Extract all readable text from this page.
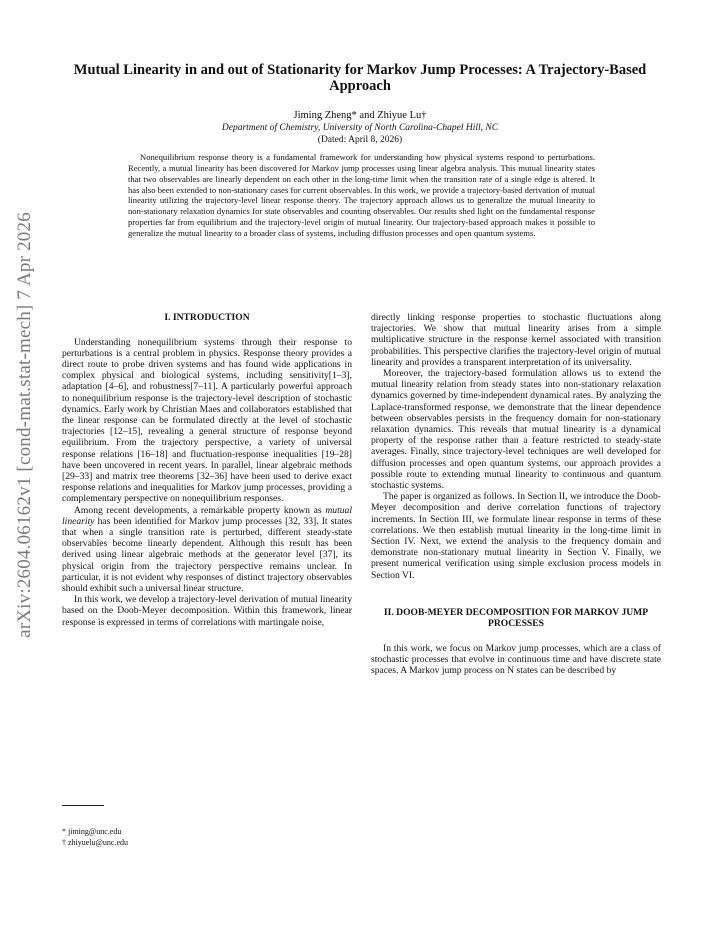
arXiv:2604.06162v1 [cond-mat.stat-mech] 7 Apr 2026
Mutual Linearity in and out of Stationarity for Markov Jump Processes: A Trajectory-Based Approach
Jiming Zheng* and Zhiyue Lu†
Department of Chemistry, University of North Carolina-Chapel Hill, NC
(Dated: April 8, 2026)
Nonequilibrium response theory is a fundamental framework for understanding how physical systems respond to perturbations. Recently, a mutual linearity has been discovered for Markov jump processes using linear algebra analysis. This mutual linearity states that two observables are linearly dependent on each other in the long-time limit when the transition rate of a single edge is altered. It has also been extended to non-stationary cases for current observables. In this work, we provide a trajectory-based derivation of mutual linearity utilizing the trajectory-level linear response theory. The trajectory approach allows us to generalize the mutual linearity to non-stationary relaxation dynamics for state observables and counting observables. Our results shed light on the fundamental response properties far from equilibrium and the trajectory-level origin of mutual linearity. Our trajectory-based approach makes it possible to generalize the mutual linearity to a broader class of systems, including diffusion processes and open quantum systems.
I. INTRODUCTION

Understanding nonequilibrium systems through their response to perturbations is a central problem in physics. Response theory provides a direct route to probe driven systems and has found wide applications in complex physical and biological systems, including sensitivity[1–3], adaptation [4–6], and robustness[7–11]. A particularly powerful approach to nonequilibrium response is the trajectory-level description of stochastic dynamics. Early work by Christian Maes and collaborators established that the linear response can be formulated directly at the level of stochastic trajectories [12–15], revealing a general structure of response beyond equilibrium. From the trajectory perspective, a variety of universal response relations [16–18] and fluctuation-response inequalities [19–28] have been uncovered in recent years. In parallel, linear algebraic methods [29–33] and matrix tree theorems [32–36] have been used to derive exact response relations and inequalities for Markov jump processes, providing a complementary perspective on nonequilibrium responses.

Among recent developments, a remarkable property known as mutual linearity has been identified for Markov jump processes [32, 33]. It states that when a single transition rate is perturbed, different steady-state observables become linearly dependent. Although this result has been derived using linear algebraic methods at the generator level [37], its physical origin from the trajectory perspective remains unclear. In particular, it is not evident why responses of distinct trajectory observables should exhibit such a universal linear structure.

In this work, we develop a trajectory-level derivation of mutual linearity based on the Doob-Meyer decomposition. Within this framework, linear response is expressed in terms of correlations with martingale noise,

directly linking response properties to stochastic fluctuations along trajectories. We show that mutual linearity arises from a simple multiplicative structure in the response kernel associated with transition probabilities. This perspective clarifies the trajectory-level origin of mutual linearity and provides a transparent interpretation of its universality.

Moreover, the trajectory-based formulation allows us to extend the mutual linearity relation from steady states into non-stationary relaxation dynamics governed by time-independent dynamical rates. By analyzing the Laplace-transformed response, we demonstrate that the linear dependence between observables persists in the frequency domain for non-stationary relaxation dynamics. This reveals that mutual linearity is a dynamical property of the response rather than a feature restricted to steady-state averages. Finally, since trajectory-level techniques are well developed for diffusion processes and open quantum systems, our approach provides a possible route to extending mutual linearity to continuous and quantum stochastic systems.

The paper is organized as follows. In Section II, we introduce the Doob-Meyer decomposition and derive correlation functions of trajectory increments. In Section III, we formulate linear response in terms of these correlations. We then establish mutual linearity in the long-time limit in Section IV. Next, we extend the analysis to the frequency domain and demonstrate non-stationary mutual linearity in Section V. Finally, we present numerical verification using simple exclusion process models in Section VI.

II. DOOB-MEYER DECOMPOSITION FOR MARKOV JUMP PROCESSES

In this work, we focus on Markov jump processes, which are a class of stochastic processes that evolve in continuous time and have discrete state spaces. A Markov jump process on N states can be described by

* jiming@unc.edu
† zhiyuelu@unc.edu
